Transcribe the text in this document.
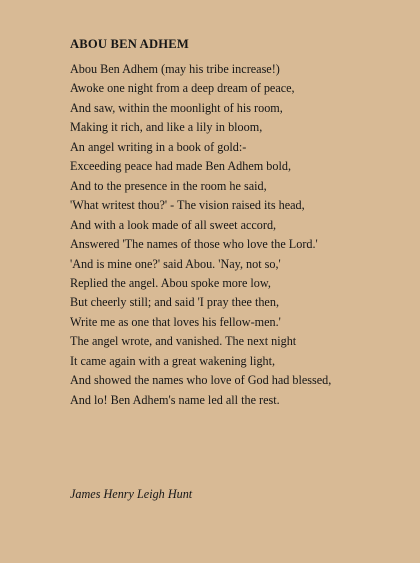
ABOU BEN ADHEM
Abou Ben Adhem (may his tribe increase!)
Awoke one night from a deep dream of peace,
And saw, within the moonlight of his room,
Making it rich, and like a lily in bloom,
An angel writing in a book of gold:-
Exceeding peace had made Ben Adhem bold,
And to the presence in the room he said,
'What writest thou?' - The vision raised its head,
And with a look made of all sweet accord,
Answered 'The names of those who love the Lord.'
'And is mine one?' said Abou. 'Nay, not so,'
Replied the angel. Abou spoke more low,
But cheerly still; and said 'I pray thee then,
Write me as one that loves his fellow-men.'
The angel wrote, and vanished. The next night
It came again with a great wakening light,
And showed the names who love of God had blessed,
And lo! Ben Adhem's name led all the rest.
James Henry Leigh Hunt
